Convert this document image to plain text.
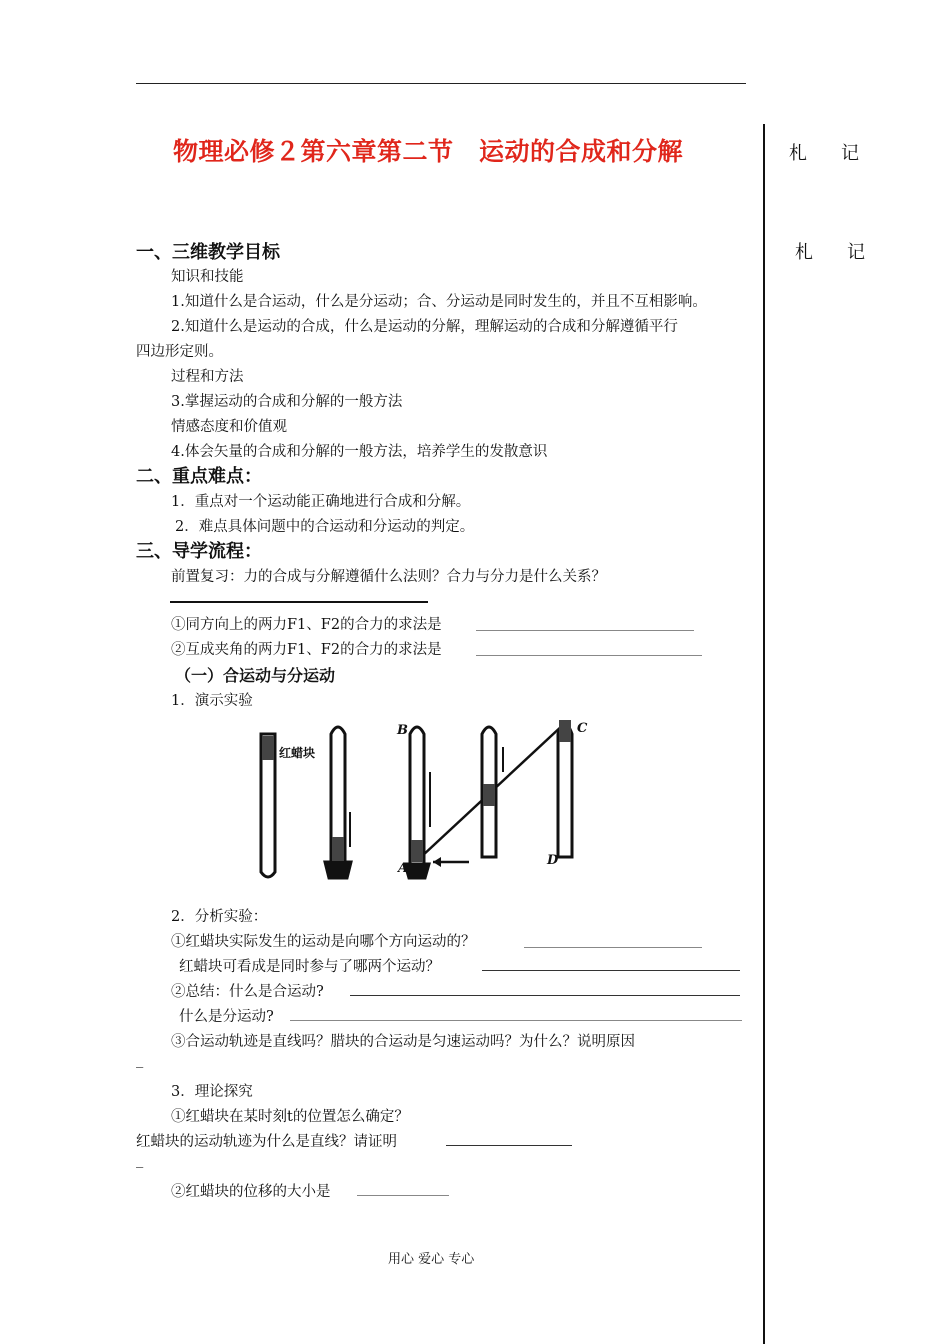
物理必修２第六章第二节　运动的合成和分解	札　记
札　记
一、三维教学目标
知识和技能
1.知道什么是合运动，什么是分运动；合、分运动是同时发生的，并且不互相影响。
2.知道什么是运动的合成，什么是运动的分解，理解运动的合成和分解遵循平行
四边形定则。
过程和方法
3.掌握运动的合成和分解的一般方法
情感态度和价值观
4.体会矢量的合成和分解的一般方法，培养学生的发散意识
二、重点难点：
1．重点对一个运动能正确地进行合成和分解。
2．难点具体问题中的合运动和分运动的判定。
三、导学流程：
前置复习：力的合成与分解遵循什么法则？合力与分力是什么关系？
①同方向上的两力F1、F2的合力的求法是
②互成夹角的两力F1、F2的合力的求法是
（一）合运动与分运动
1．演示实验
红蜡块
B	C
A
D
2．分析实验：
①红蜡块实际发生的运动是向哪个方向运动的？
红蜡块可看成是同时参与了哪两个运动？
②总结：什么是合运动?
什么是分运动?
③合运动轨迹是直线吗？腊块的合运动是匀速运动吗？为什么？说明原因
_
3．理论探究
①红蜡块在某时刻t的位置怎么确定？
红蜡块的运动轨迹为什么是直线？请证明
_
②红蜡块的位移的大小是
用心 爱心 专心
